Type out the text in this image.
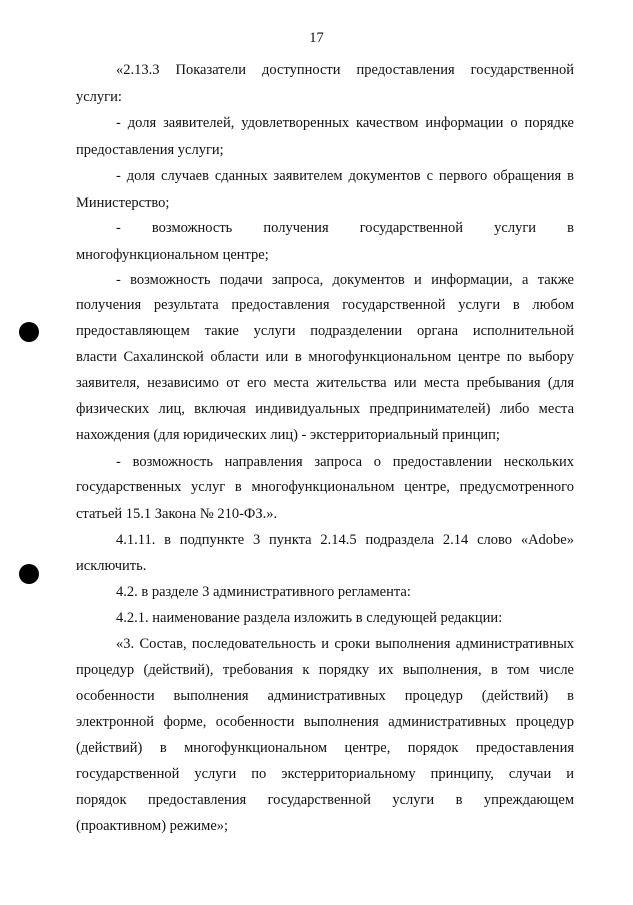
17
«2.13.3 Показатели доступности предоставления государственной
услуги:
- доля заявителей, удовлетворенных качеством информации о порядке
предоставления услуги;
- доля случаев сданных заявителем документов с первого обращения в
Министерство;
- возможность получения государственной услуги в
многофункциональном центре;
- возможность подачи запроса, документов и информации, а также
получения результата предоставления государственной услуги в любом
предоставляющем такие услуги подразделении органа исполнительной
власти Сахалинской области или в многофункциональном центре по выбору
заявителя, независимо от его места жительства или места пребывания (для
физических лиц, включая индивидуальных предпринимателей) либо места
нахождения (для юридических лиц) - экстерриториальный принцип;
- возможность направления запроса о предоставлении нескольких
государственных услуг в многофункциональном центре, предусмотренного
статьей 15.1 Закона № 210-ФЗ.».
4.1.11. в подпункте 3 пункта 2.14.5 подраздела 2.14 слово «Adobe»
исключить.
4.2. в разделе 3 административного регламента:
4.2.1. наименование раздела изложить в следующей редакции:
«3. Состав, последовательность и сроки выполнения административных
процедур (действий), требования к порядку их выполнения, в том числе
особенности выполнения административных процедур (действий) в
электронной форме, особенности выполнения административных процедур
(действий) в многофункциональном центре, порядок предоставления
государственной услуги по экстерриториальному принципу, случаи и
порядок предоставления государственной услуги в упреждающем
(проактивном) режиме»;
